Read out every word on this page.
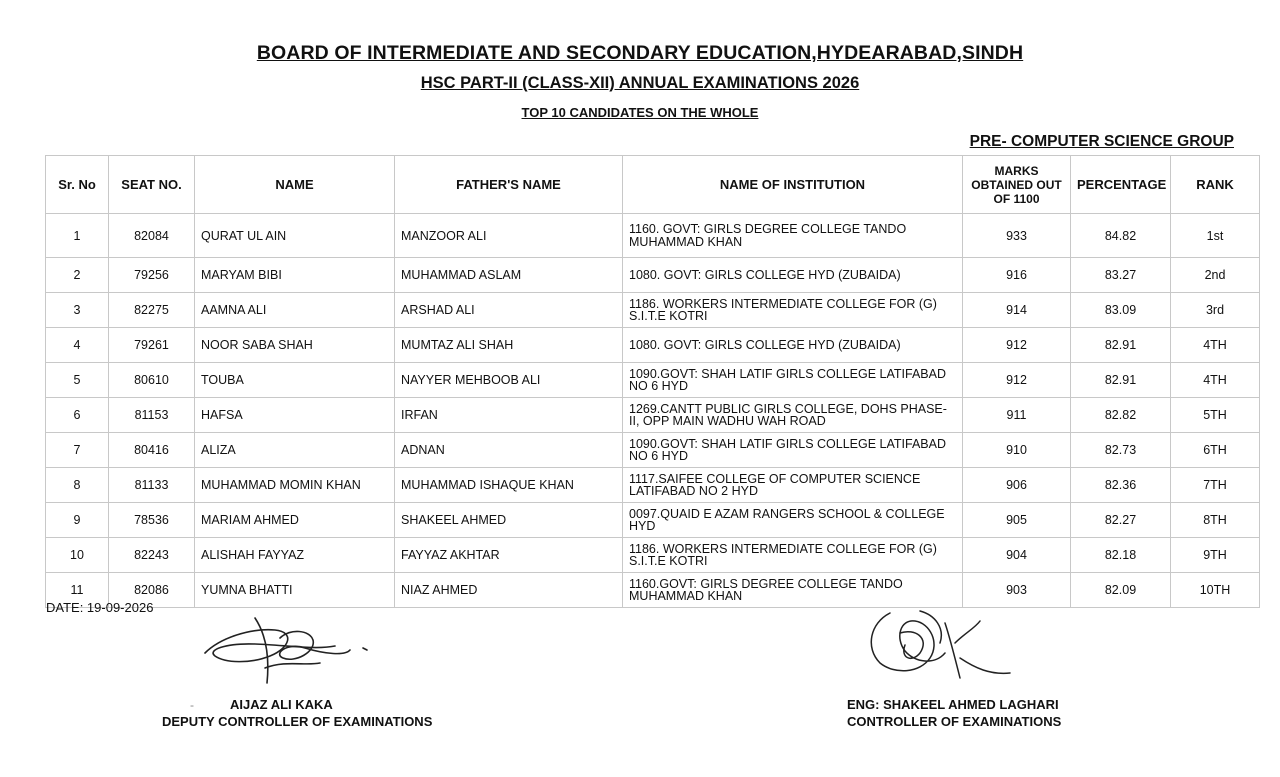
BOARD OF INTERMEDIATE AND SECONDARY EDUCATION,HYDEARABAD,SINDH
HSC PART-II (CLASS-XII) ANNUAL EXAMINATIONS 2026
TOP 10 CANDIDATES ON THE WHOLE
PRE- COMPUTER SCIENCE GROUP
Sr. No	SEAT NO.	NAME	FATHER'S NAME	NAME OF INSTITUTION	MARKS OBTAINED OUT OF 1100	PERCENTAGE	RANK
1	82084	QURAT UL AIN	MANZOOR ALI	1160. GOVT: GIRLS DEGREE COLLEGE TANDO MUHAMMAD KHAN	933	84.82	1st
2	79256	MARYAM BIBI	MUHAMMAD ASLAM	1080. GOVT: GIRLS COLLEGE HYD (ZUBAIDA)	916	83.27	2nd
3	82275	AAMNA ALI	ARSHAD ALI	1186. WORKERS INTERMEDIATE COLLEGE FOR (G) S.I.T.E KOTRI	914	83.09	3rd
4	79261	NOOR SABA SHAH	MUMTAZ ALI SHAH	1080. GOVT: GIRLS COLLEGE HYD (ZUBAIDA)	912	82.91	4TH
5	80610	TOUBA	NAYYER MEHBOOB ALI	1090.GOVT: SHAH LATIF GIRLS COLLEGE LATIFABAD NO 6 HYD	912	82.91	4TH
6	81153	HAFSA	IRFAN	1269.CANTT PUBLIC GIRLS COLLEGE, DOHS PHASE-II, OPP MAIN WADHU WAH ROAD	911	82.82	5TH
7	80416	ALIZA	ADNAN	1090.GOVT: SHAH LATIF GIRLS COLLEGE LATIFABAD NO 6 HYD	910	82.73	6TH
8	81133	MUHAMMAD MOMIN KHAN	MUHAMMAD ISHAQUE KHAN	1117.SAIFEE COLLEGE OF COMPUTER SCIENCE LATIFABAD NO 2 HYD	906	82.36	7TH
9	78536	MARIAM AHMED	SHAKEEL AHMED	0097.QUAID E AZAM RANGERS SCHOOL & COLLEGE HYD	905	82.27	8TH
10	82243	ALISHAH FAYYAZ	FAYYAZ AKHTAR	1186. WORKERS INTERMEDIATE COLLEGE FOR (G) S.I.T.E KOTRI	904	82.18	9TH
11	82086	YUMNA BHATTI	NIAZ AHMED	1160.GOVT: GIRLS DEGREE COLLEGE TANDO MUHAMMAD KHAN	903	82.09	10TH
DATE: 19-09-2026
-	AIJAZ ALI KAKA
DEPUTY CONTROLLER OF EXAMINATIONS
ENG: SHAKEEL AHMED LAGHARI
CONTROLLER OF EXAMINATIONS
